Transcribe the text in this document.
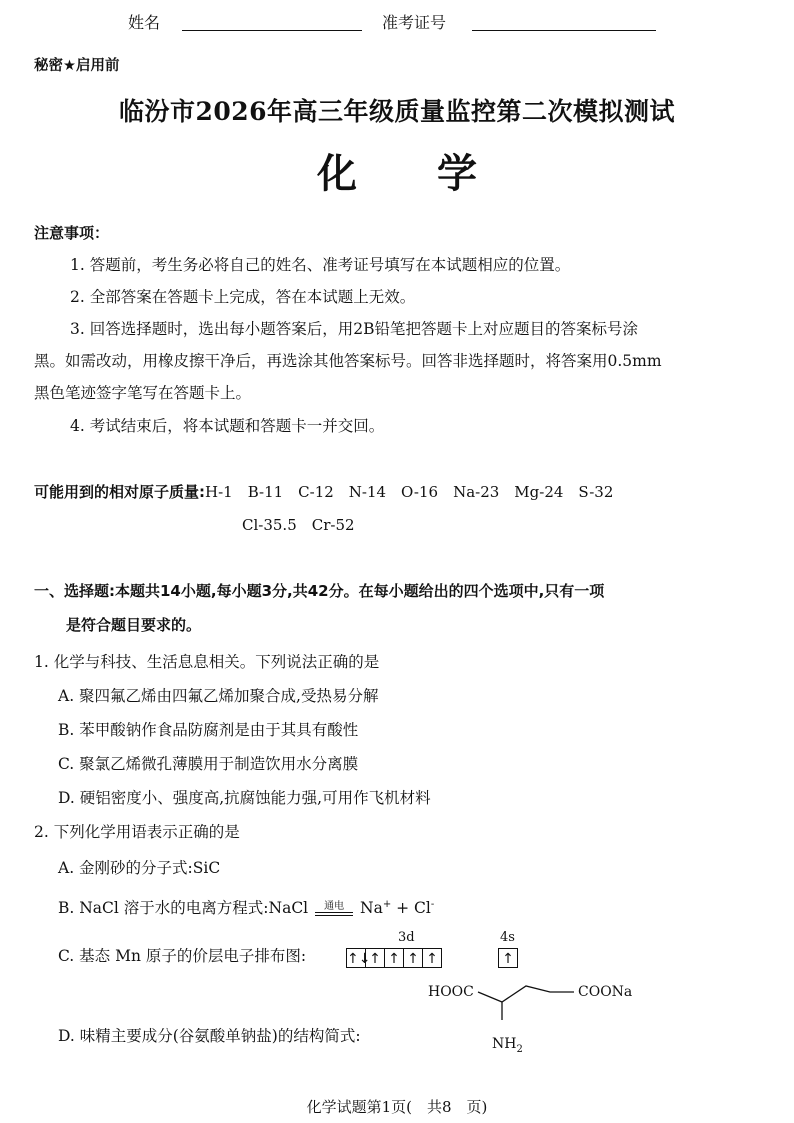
姓名	准考证号
秘密★启用前
临汾市2026年高三年级质量监控第二次模拟测试
化　　学
注意事项：
1. 答题前，考生务必将自己的姓名、准考证号填写在本试题相应的位置。
2. 全部答案在答题卡上完成，答在本试题上无效。
3. 回答选择题时，选出每小题答案后，用2B铅笔把答题卡上对应题目的答案标号涂
黑。如需改动，用橡皮擦干净后，再选涂其他答案标号。回答非选择题时，将答案用0.5mm
黑色笔迹签字笔写在答题卡上。
4. 考试结束后，将本试题和答题卡一并交回。
可能用到的相对原子质量:H-1　B-11　C-12　N-14　O-16　Na-23　Mg-24　S-32
Cl-35.5　Cr-52
一、选择题:本题共14小题,每小题3分,共42分。在每小题给出的四个选项中,只有一项
是符合题目要求的。
1. 化学与科技、生活息息相关。下列说法正确的是
A. 聚四氟乙烯由四氟乙烯加聚合成,受热易分解
B. 苯甲酸钠作食品防腐剂是由于其具有酸性
C. 聚氯乙烯微孔薄膜用于制造饮用水分离膜
D. 硬铝密度小、强度高,抗腐蚀能力强,可用作飞机材料
2. 下列化学用语表示正确的是
A. 金刚砂的分子式:SiC
B. NaCl 溶于水的电离方程式:NaCl	通电	Na+ + Cl-
C. 基态 Mn 原子的价层电子排布图:
3d	4s
↑↓
↑ ↑ ↑ ↑	↑
D. 味精主要成分(谷氨酸单钠盐)的结构简式:
HOOC	COONa
$NH_2$
化学试题第1页(　共8　页)
